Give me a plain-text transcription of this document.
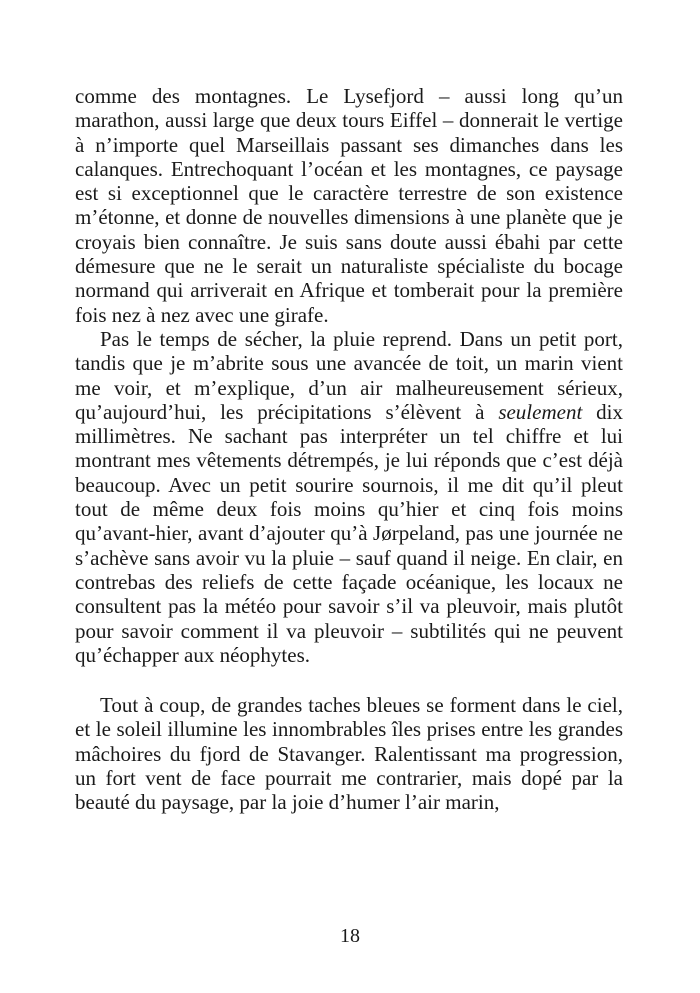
comme des montagnes. Le Lysefjord – aussi long qu’un marathon, aussi large que deux tours Eiffel – donnerait le vertige à n’importe quel Marseillais passant ses dimanches dans les calanques. Entrechoquant l’océan et les montagnes, ce paysage est si exceptionnel que le caractère terrestre de son existence m’étonne, et donne de nouvelles dimensions à une planète que je croyais bien connaître. Je suis sans doute aussi ébahi par cette démesure que ne le serait un naturaliste spécialiste du bocage normand qui arriverait en Afrique et tomberait pour la première fois nez à nez avec une girafe.

Pas le temps de sécher, la pluie reprend. Dans un petit port, tandis que je m’abrite sous une avancée de toit, un marin vient me voir, et m’explique, d’un air malheureusement sérieux, qu’aujourd’hui, les précipitations s’élèvent à seulement dix millimètres. Ne sachant pas interpréter un tel chiffre et lui montrant mes vêtements détrempés, je lui réponds que c’est déjà beaucoup. Avec un petit sourire sournois, il me dit qu’il pleut tout de même deux fois moins qu’hier et cinq fois moins qu’avant-hier, avant d’ajouter qu’à Jørpeland, pas une journée ne s’achève sans avoir vu la pluie – sauf quand il neige. En clair, en contrebas des reliefs de cette façade océanique, les locaux ne consultent pas la météo pour savoir s’il va pleuvoir, mais plutôt pour savoir comment il va pleuvoir – subtilités qui ne peuvent qu’échapper aux néophytes.

Tout à coup, de grandes taches bleues se forment dans le ciel, et le soleil illumine les innombrables îles prises entre les grandes mâchoires du fjord de Stavanger. Ralentissant ma progression, un fort vent de face pourrait me contrarier, mais dopé par la beauté du paysage, par la joie d’humer l’air marin,

18
